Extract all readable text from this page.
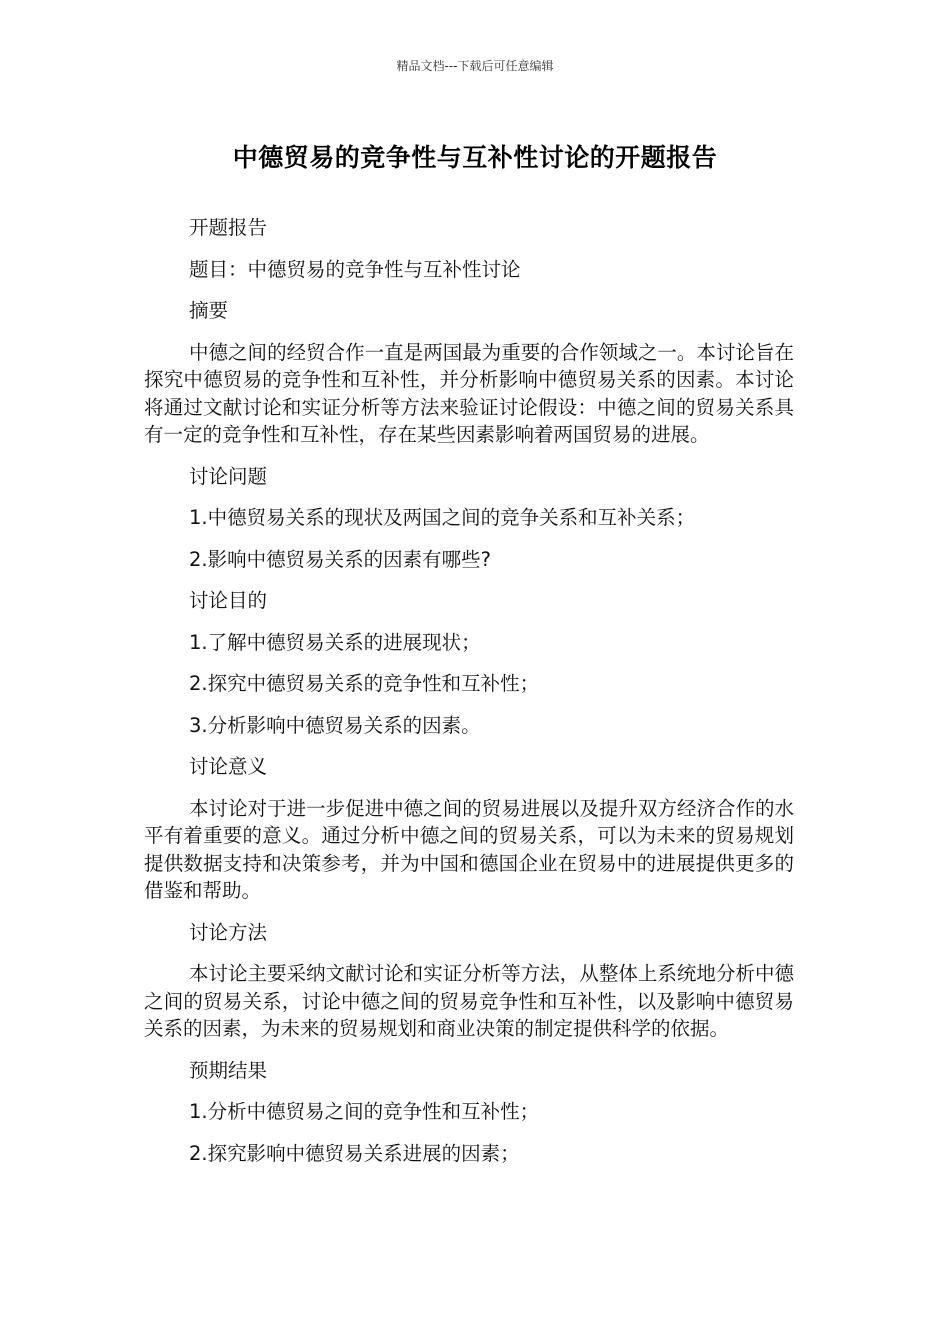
精品文档---下载后可任意编辑
中德贸易的竞争性与互补性讨论的开题报告
开题报告
题目：中德贸易的竞争性与互补性讨论
摘要
中德之间的经贸合作一直是两国最为重要的合作领域之一。本讨论旨在探究中德贸易的竞争性和互补性，并分析影响中德贸易关系的因素。本讨论将通过文献讨论和实证分析等方法来验证讨论假设：中德之间的贸易关系具有一定的竞争性和互补性，存在某些因素影响着两国贸易的进展。
讨论问题
1.中德贸易关系的现状及两国之间的竞争关系和互补关系；
2.影响中德贸易关系的因素有哪些?
讨论目的
1.了解中德贸易关系的进展现状；
2.探究中德贸易关系的竞争性和互补性；
3.分析影响中德贸易关系的因素。
讨论意义
本讨论对于进一步促进中德之间的贸易进展以及提升双方经济合作的水平有着重要的意义。通过分析中德之间的贸易关系，可以为未来的贸易规划提供数据支持和决策参考，并为中国和德国企业在贸易中的进展提供更多的借鉴和帮助。
讨论方法
本讨论主要采纳文献讨论和实证分析等方法，从整体上系统地分析中德之间的贸易关系，讨论中德之间的贸易竞争性和互补性，以及影响中德贸易关系的因素，为未来的贸易规划和商业决策的制定提供科学的依据。
预期结果
1.分析中德贸易之间的竞争性和互补性；
2.探究影响中德贸易关系进展的因素；
